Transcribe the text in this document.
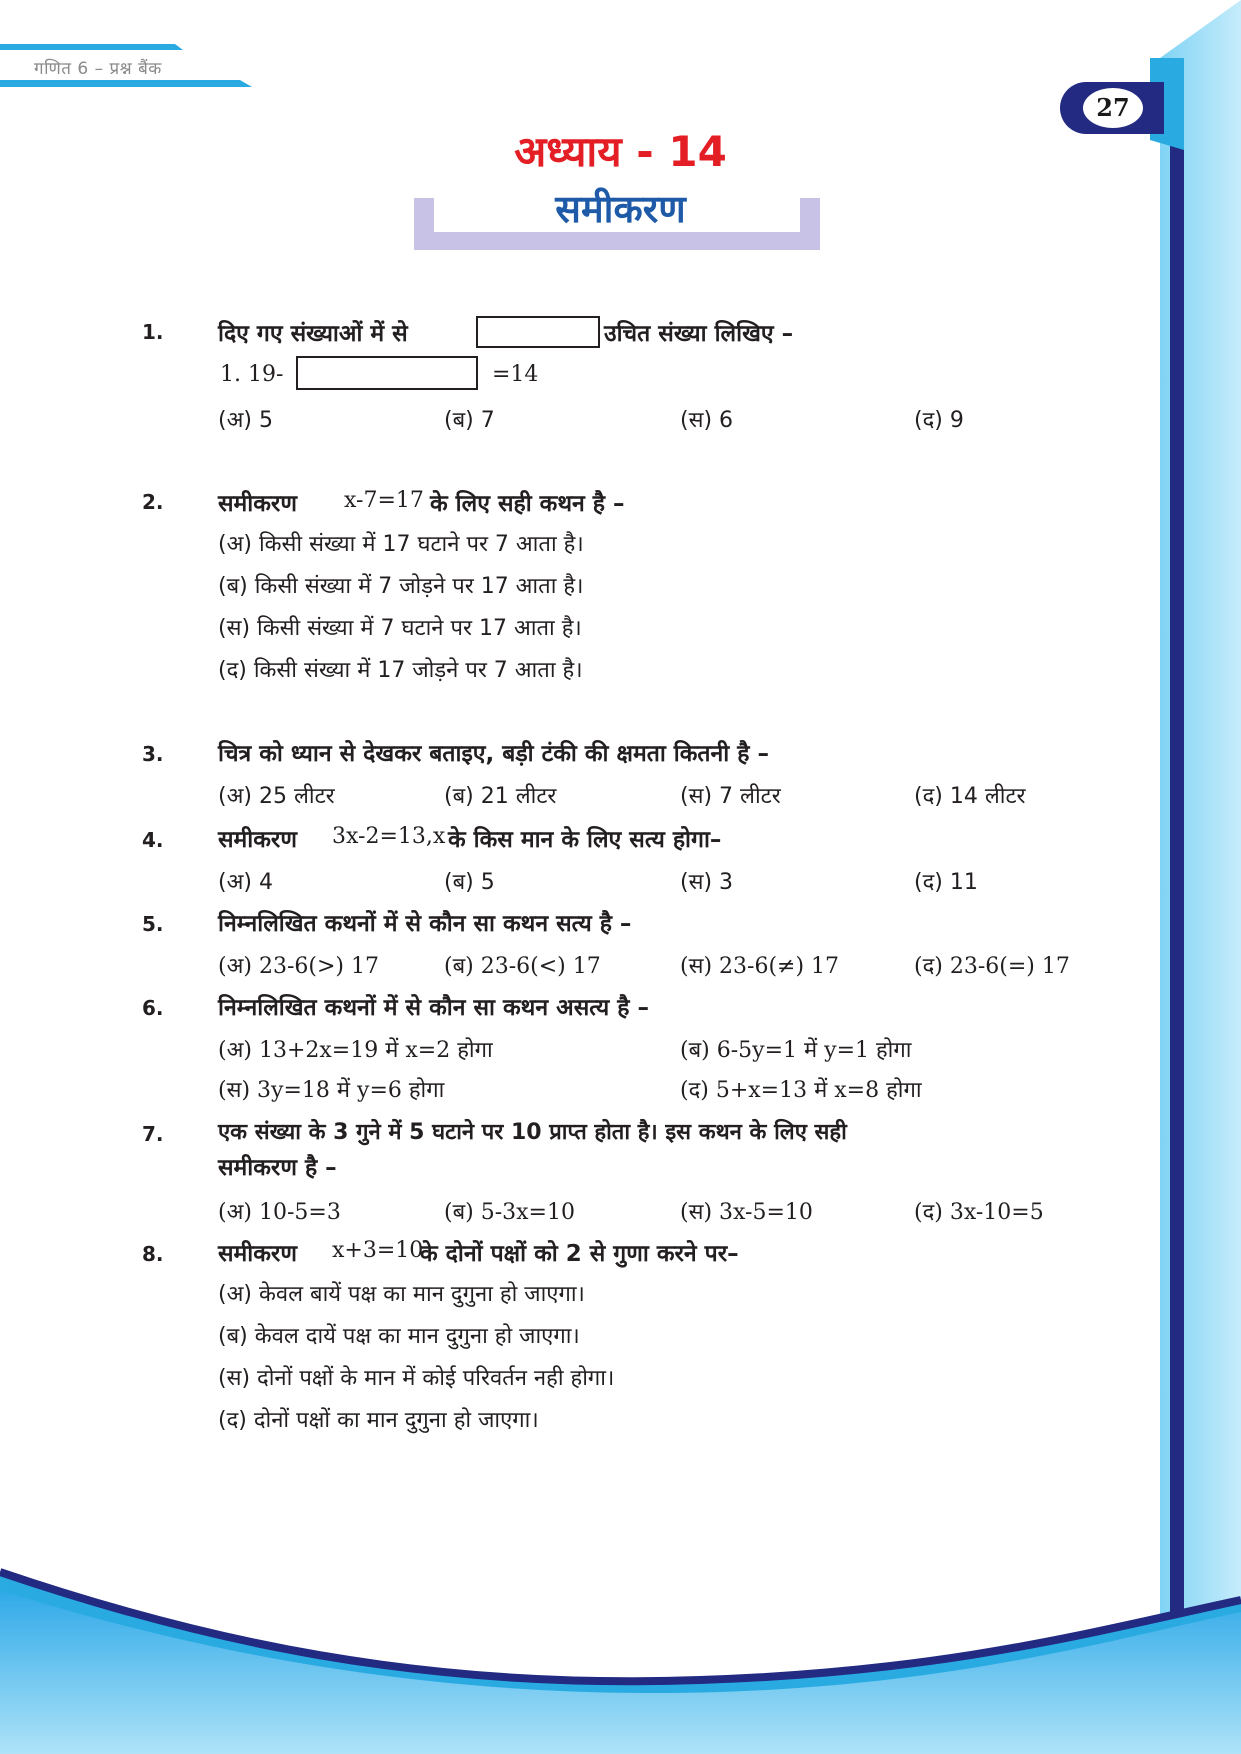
गणित 6 – प्रश्न बैंक
27
अध्याय - 14
समीकरण
1. दिए गए संख्याओं में से	उचित संख्या लिखिए –
1. 19-	=14
(अ) 5	(ब) 7	(स) 6	(द) 9
2. समीकरण x-7=17 के लिए सही कथन है –
(अ) किसी संख्या में 17 घटाने पर 7 आता है।
(ब) किसी संख्या में 7 जोड़ने पर 17 आता है।
(स) किसी संख्या में 7 घटाने पर 17 आता है।
(द) किसी संख्या में 17 जोड़ने पर 7 आता है।
3. चित्र को ध्यान से देखकर बताइए, बड़ी टंकी की क्षमता कितनी है –
(अ) 25 लीटर	(ब) 21 लीटर	(स) 7 लीटर	(द) 14 लीटर
4. समीकरण 3x-2=13,x के किस मान के लिए सत्य होगा–
(अ) 4	(ब) 5	(स) 3	(द) 11
5. निम्नलिखित कथनों में से कौन सा कथन सत्य है –
(अ) 23-6(>) 17	(ब) 23-6(<) 17	(स) 23-6(≠) 17	(द) 23-6(=) 17
6. निम्नलिखित कथनों में से कौन सा कथन असत्य है –
(अ) 13+2x=19 में x=2 होगा	(ब) 6-5y=1 में y=1 होगा
(स) 3y=18 में y=6 होगा	(द) 5+x=13 में x=8 होगा
7. एक संख्या के 3 गुने में 5 घटाने पर 10 प्राप्त होता है। इस कथन के लिए सही
समीकरण है –
(अ) 10-5=3	(ब) 5-3x=10	(स) 3x-5=10	(द) 3x-10=5
8. समीकरण x+3=10
के दोनों पक्षों को 2 से गुणा करने पर–
(अ) केवल बायें पक्ष का मान दुगुना हो जाएगा।
(ब) केवल दायें पक्ष का मान दुगुना हो जाएगा।
(स) दोनों पक्षों के मान में कोई परिवर्तन नही होगा।
(द) दोनों पक्षों का मान दुगुना हो जाएगा।
